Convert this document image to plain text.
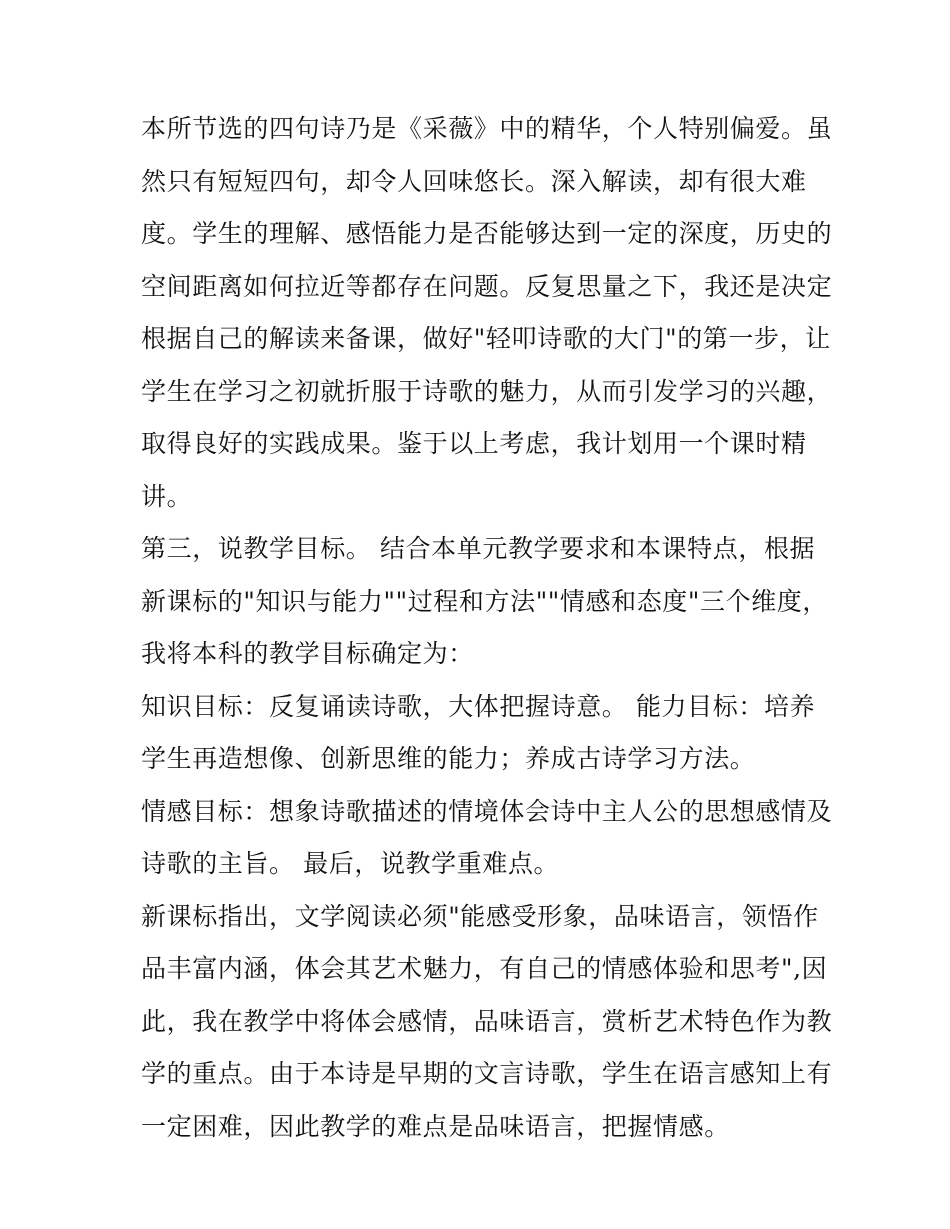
本所节选的四句诗乃是《采薇》中的精华，个人特别偏爱。虽
然只有短短四句，却令人回味悠长。深入解读，却有很大难
度。学生的理解、感悟能力是否能够达到一定的深度，历史的
空间距离如何拉近等都存在问题。反复思量之下，我还是决定
根据自己的解读来备课，做好"轻叩诗歌的大门"的第一步，让
学生在学习之初就折服于诗歌的魅力，从而引发学习的兴趣，
取得良好的实践成果。鉴于以上考虑，我计划用一个课时精
讲。
第三，说教学目标。 结合本单元教学要求和本课特点，根据
新课标的"知识与能力""过程和方法""情感和态度"三个维度，
我将本科的教学目标确定为：
知识目标：反复诵读诗歌，大体把握诗意。 能力目标：培养
学生再造想像、创新思维的能力；养成古诗学习方法。
情感目标：想象诗歌描述的情境体会诗中主人公的思想感情及
诗歌的主旨。 最后，说教学重难点。
新课标指出，文学阅读必须"能感受形象，品味语言，领悟作
品丰富内涵，体会其艺术魅力，有自己的情感体验和思考",因
此，我在教学中将体会感情，品味语言，赏析艺术特色作为教
学的重点。由于本诗是早期的文言诗歌，学生在语言感知上有
一定困难，因此教学的难点是品味语言，把握情感。
